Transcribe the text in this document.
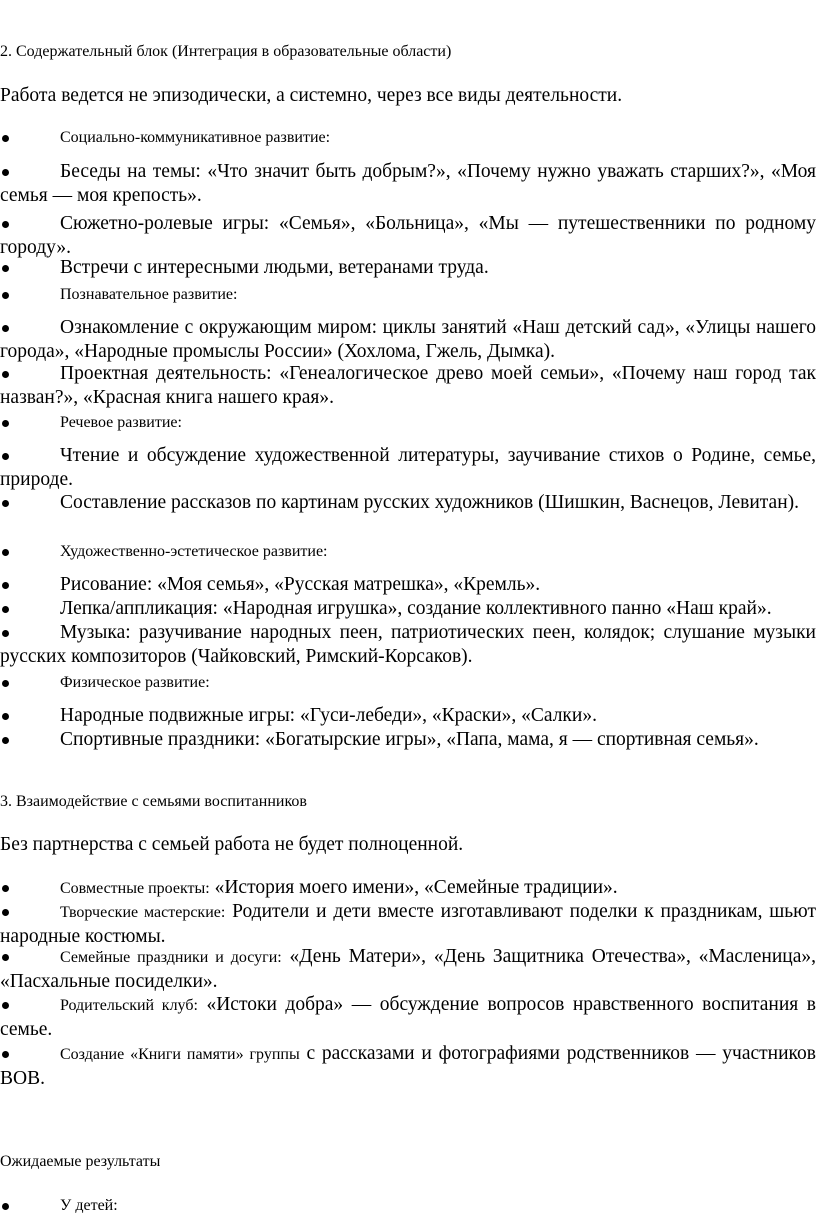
2. Содержательный блок (Интеграция в образовательные области)
Работа ведется не эпизодически, а системно, через все виды деятельности.
Социально-коммуникативное развитие:
Беседы на темы: «Что значит быть добрым?», «Почему нужно уважать старших?», «Моя семья — моя крепость».
Сюжетно-ролевые игры: «Семья», «Больница», «Мы — путешественники по родному городу».
Встречи с интересными людьми, ветеранами труда.
Познавательное развитие:
Ознакомление с окружающим миром: циклы занятий «Наш детский сад», «Улицы нашего города», «Народные промыслы России» (Хохлома, Гжель, Дымка).
Проектная деятельность: «Генеалогическое древо моей семьи», «Почему наш город так назван?», «Красная книга нашего края».
Речевое развитие:
Чтение и обсуждение художественной литературы, заучивание стихов о Родине, семье, природе.
Составление рассказов по картинам русских художников (Шишкин, Васнецов, Левитан).
Художественно-эстетическое развитие:
Рисование: «Моя семья», «Русская матрешка», «Кремль».
Лепка/аппликация: «Народная игрушка», создание коллективного панно «Наш край».
Музыка: разучивание народных пеен, патриотических пеен, колядок; слушание музыки русских композиторов (Чайковский, Римский-Корсаков).
Физическое развитие:
Народные подвижные игры: «Гуси-лебеди», «Краски», «Салки».
Спортивные праздники: «Богатырские игры», «Папа, мама, я — спортивная семья».
3. Взаимодействие с семьями воспитанников
Без партнерства с семьей работа не будет полноценной.
Совместные проекты: «История моего имени», «Семейные традиции».
Творческие мастерские: Родители и дети вместе изготавливают поделки к праздникам, шьют народные костюмы.
Семейные праздники и досуги: «День Матери», «День Защитника Отечества», «Масленица», «Пасхальные посиделки».
Родительский клуб: «Истоки добра» — обсуждение вопросов нравственного воспитания в семье.
Создание «Книги памяти» группы с рассказами и фотографиями родственников — участников ВОВ.
Ожидаемые результаты
У детей:
